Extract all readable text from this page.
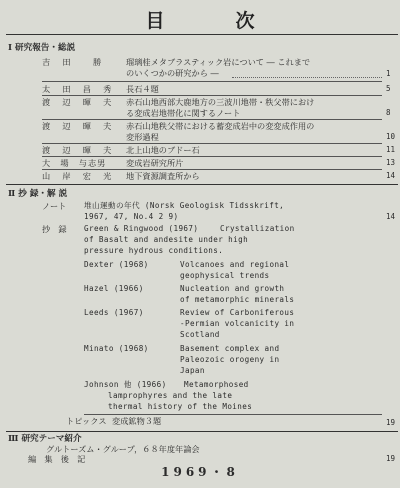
目　次
Ⅰ 研究報告・総説
吉　田　　勝	瑠璃桂メタブラスティック岩について ― これまで
のいくつかの研究から ―	1
太　田　昌　秀 長石４題	5
渡　辺　暉　夫 赤石山地西部大鹿地方の三波川地帯・秩父帯におけ
る変成岩地帯化に関するノート	8
渡　辺　暉　夫 赤石山地秩父帯における蓄変成岩中の変変成作用の
変形過程	10
渡　辺　暉　夫 北上山地のブドー石	11
大　場　与志男 変成岩研究所片	13
山　岸　宏　光 地下資源調査所から	14
Ⅱ 抄 録・解 説
ノート 堆山運動の年代 (Norsk Geologisk Tidsskrift,
1967, 47, No.4 2 9)	14
抄　録 Green & Ringwood (1967)	Crystallization
of Basalt and andesite under high
pressure hydrous conditions.
Dexter (1968)	Volcanoes and regional
geophysical trends
Hazel (1966)	Nucleation and growth
of metamorphic minerals
Leeds (1967)	Review of Carboniferous
-Permian volcanicity in
Scotland
Minato (1968)	Basement complex and
Paleozoic orogeny in
Japan
Johnson 他 (1966) Metamorphosed
lamprophyres and the late
thermal history of the Moines
トピックス 変成鉱物３題	19
Ⅲ 研究テーマ紹介
グルトーズム・グループ，６８年度年論会
編　集　後　記	19
1969・8
